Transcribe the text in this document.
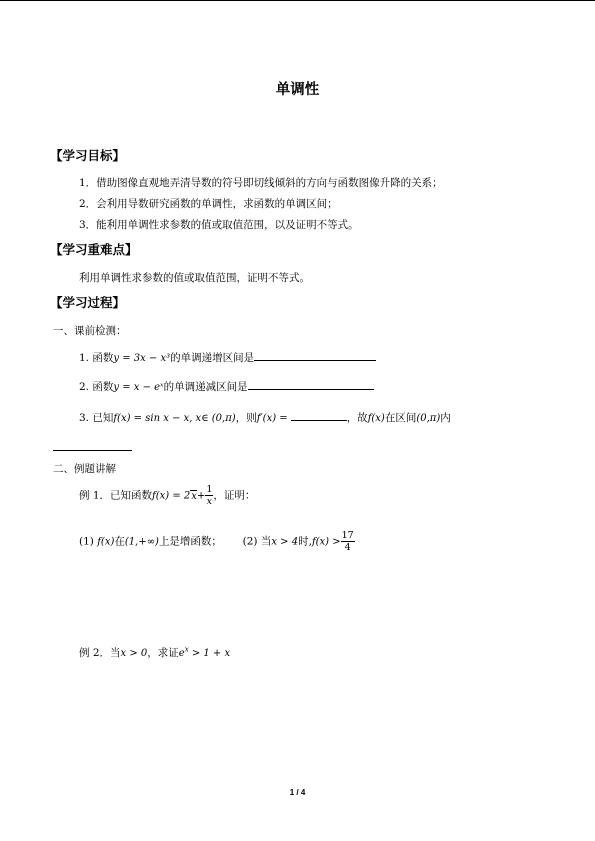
单调性
【学习目标】
1．借助图像直观地弄清导数的符号即切线倾斜的方向与函数图像升降的关系；
2．会利用导数研究函数的单调性，求函数的单调区间；
3．能利用单调性求参数的值或取值范围，以及证明不等式。
【学习重难点】
利用单调性求参数的值或取值范围，证明不等式。
【学习过程】
一、课前检测：
1. 函数y = 3x − x³的单调递增区间是
2. 函数y = x − eˣ的单调递减区间是
3. 已知f(x) = sin x − x, x∈ (0,π)，则f′(x) =	，故f(x)在区间(0,π)内
二、例题讲解
例 1．已知函数$f(x) = 2x+ \frac{1}{x}$ ，证明：
(1) f(x)在(1,+∞)上是增函数； (2) 当x > 4时$,f(x) > \frac{17}{4}$
例 2．当x > 0，求证$e^x > 1 + x$
1 / 4
